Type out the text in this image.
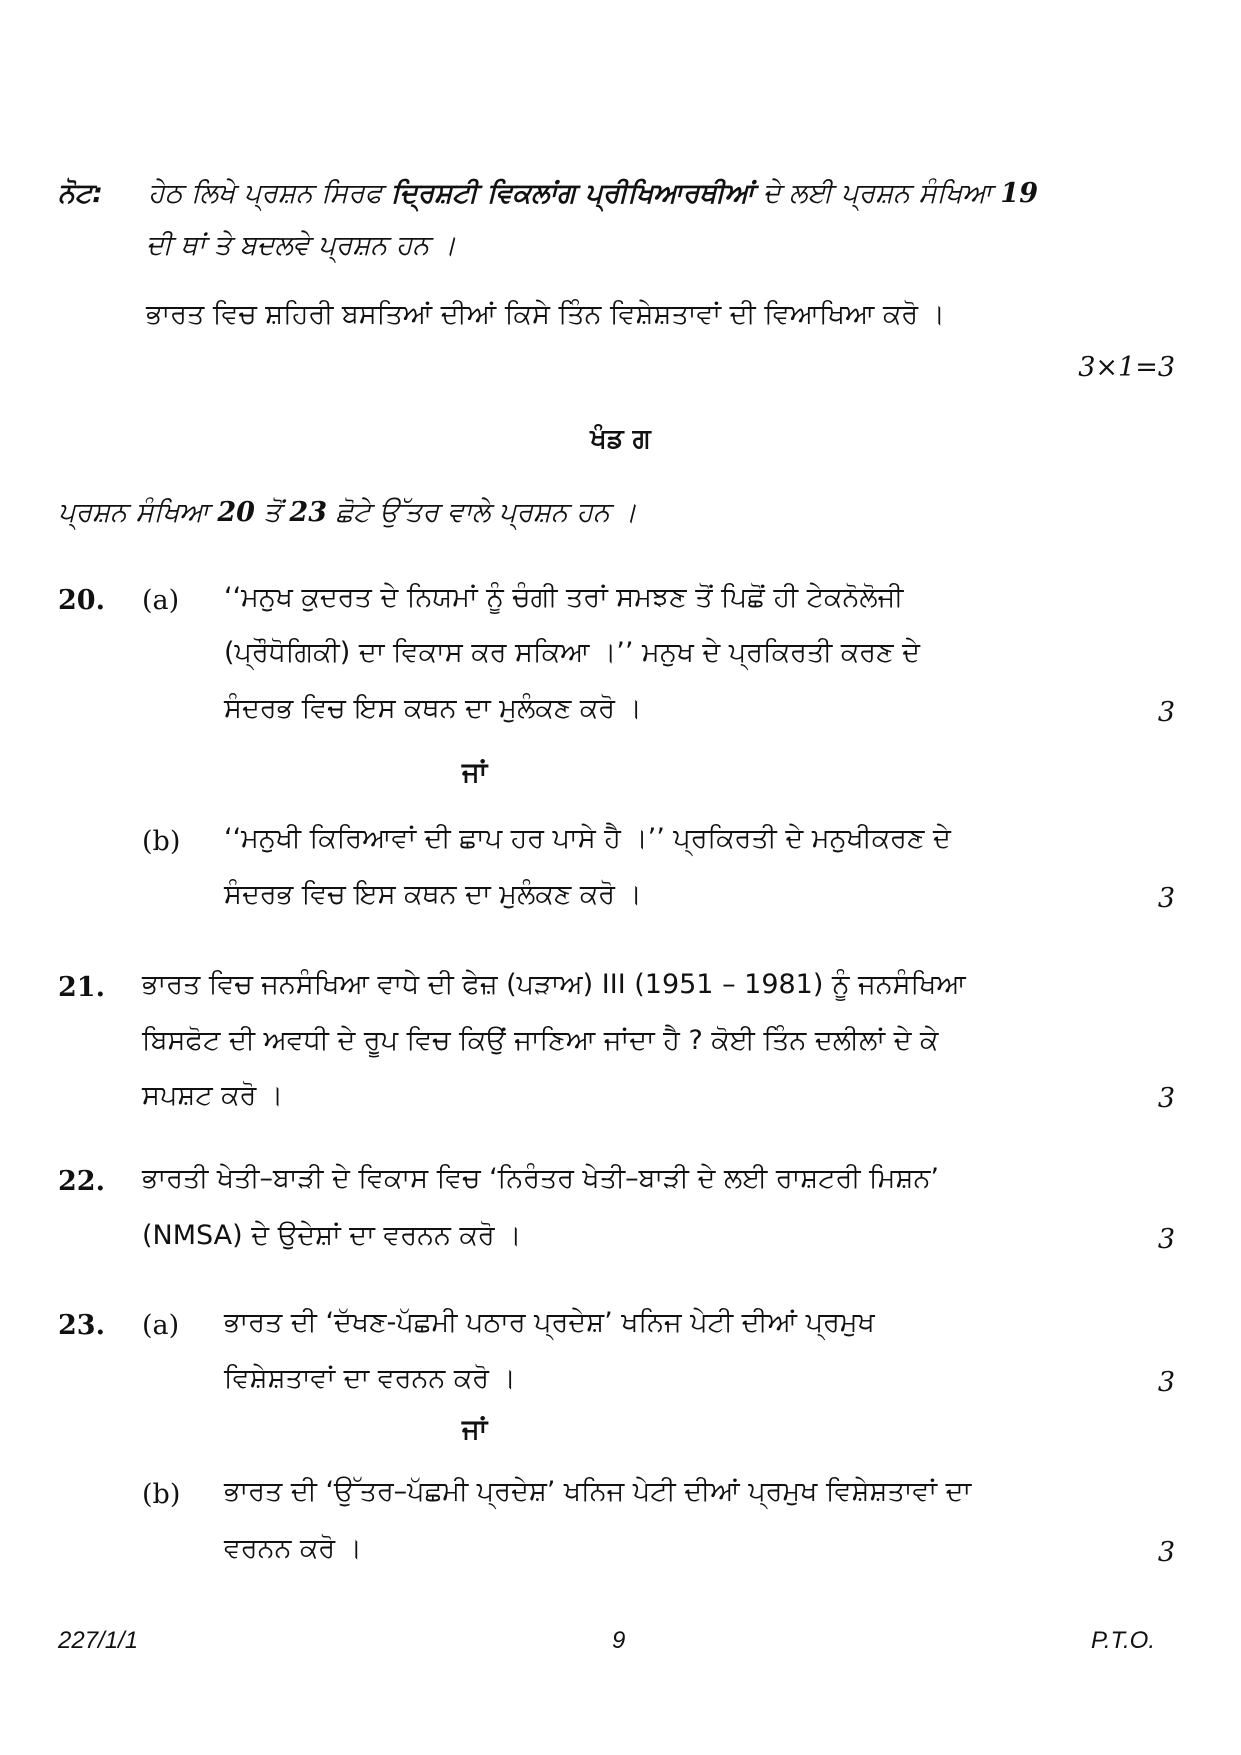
ਨੋਟ: ਹੇਠ ਲਿਖੇ ਪ੍ਰਸ਼ਨ ਸਿਰਫ ਦ੍ਰਿਸ਼ਟੀ ਵਿਕਲਾਂਗ ਪ੍ਰੀਖਿਆਰਥੀਆਂ ਦੇ ਲਈ ਪ੍ਰਸ਼ਨ ਸੰਖਿਆ 19
ਦੀ ਥਾਂ ਤੇ ਬਦਲਵੇ ਪ੍ਰਸ਼ਨ ਹਨ ।
ਭਾਰਤ ਵਿਚ ਸ਼ਹਿਰੀ ਬਸਤਿਆਂ ਦੀਆਂ ਕਿਸੇ ਤਿੰਨ ਵਿਸ਼ੇਸ਼ਤਾਵਾਂ ਦੀ ਵਿਆਖਿਆ ਕਰੋ ।
3×1=3
ਖੰਡ ਗ
ਪ੍ਰਸ਼ਨ ਸੰਖਿਆ 20 ਤੋਂ 23 ਛੋਟੇ ਉੱਤਰ ਵਾਲੇ ਪ੍ਰਸ਼ਨ ਹਨ ।
20. (a) ‘‘ਮਨੁਖ ਕੁਦਰਤ ਦੇ ਨਿਯਮਾਂ ਨੂੰ ਚੰਗੀ ਤਰਾਂ ਸਮਝਣ ਤੋਂ ਪਿਛੋਂ ਹੀ ਟੇਕਨੋਲੋਜੀ
(ਪ੍ਰੌਧੋਗਿਕੀ) ਦਾ ਵਿਕਾਸ ਕਰ ਸਕਿਆ ।’’ ਮਨੁਖ ਦੇ ਪ੍ਰਕਿਰਤੀ ਕਰਣ ਦੇ
ਸੰਦਰਭ ਵਿਚ ਇਸ ਕਥਨ ਦਾ ਮੁਲੰਕਣ ਕਰੋ ।	3
ਜਾਂ
(b) ‘‘ਮਨੁਖੀ ਕਿਰਿਆਵਾਂ ਦੀ ਛਾਪ ਹਰ ਪਾਸੇ ਹੈ ।’’ ਪ੍ਰਕਿਰਤੀ ਦੇ ਮਨੁਖੀਕਰਣ ਦੇ
ਸੰਦਰਭ ਵਿਚ ਇਸ ਕਥਨ ਦਾ ਮੁਲੰਕਣ ਕਰੋ ।	3
21. ਭਾਰਤ ਵਿਚ ਜਨਸੰਖਿਆ ਵਾਧੇ ਦੀ ਫੇਜ਼ (ਪੜਾਅ) III (1951 – 1981) ਨੂੰ ਜਨਸੰਖਿਆ
ਬਿਸਫੋਟ ਦੀ ਅਵਧੀ ਦੇ ਰੂਪ ਵਿਚ ਕਿਉਂ ਜਾਣਿਆ ਜਾਂਦਾ ਹੈ ? ਕੋਈ ਤਿੰਨ ਦਲੀਲਾਂ ਦੇ ਕੇ
ਸਪਸ਼ਟ ਕਰੋ ।	3
22. ਭਾਰਤੀ ਖੇਤੀ–ਬਾੜੀ ਦੇ ਵਿਕਾਸ ਵਿਚ ‘ਨਿਰੰਤਰ ਖੇਤੀ–ਬਾੜੀ ਦੇ ਲਈ ਰਾਸ਼ਟਰੀ ਮਿਸ਼ਨ’
(NMSA) ਦੇ ਉਦੇਸ਼ਾਂ ਦਾ ਵਰਨਨ ਕਰੋ ।	3
23. (a) ਭਾਰਤ ਦੀ ‘ਦੱਖਣ-ਪੱਛਮੀ ਪਠਾਰ ਪ੍ਰਦੇਸ਼’ ਖਨਿਜ ਪੇਟੀ ਦੀਆਂ ਪ੍ਰਮੁਖ
ਵਿਸ਼ੇਸ਼ਤਾਵਾਂ ਦਾ ਵਰਨਨ ਕਰੋ ।	3
ਜਾਂ
(b) ਭਾਰਤ ਦੀ ‘ਉੱਤਰ–ਪੱਛਮੀ ਪ੍ਰਦੇਸ਼’ ਖਨਿਜ ਪੇਟੀ ਦੀਆਂ ਪ੍ਰਮੁਖ ਵਿਸ਼ੇਸ਼ਤਾਵਾਂ ਦਾ
ਵਰਨਨ ਕਰੋ ।	3
227/1/1	9	P.T.O.
